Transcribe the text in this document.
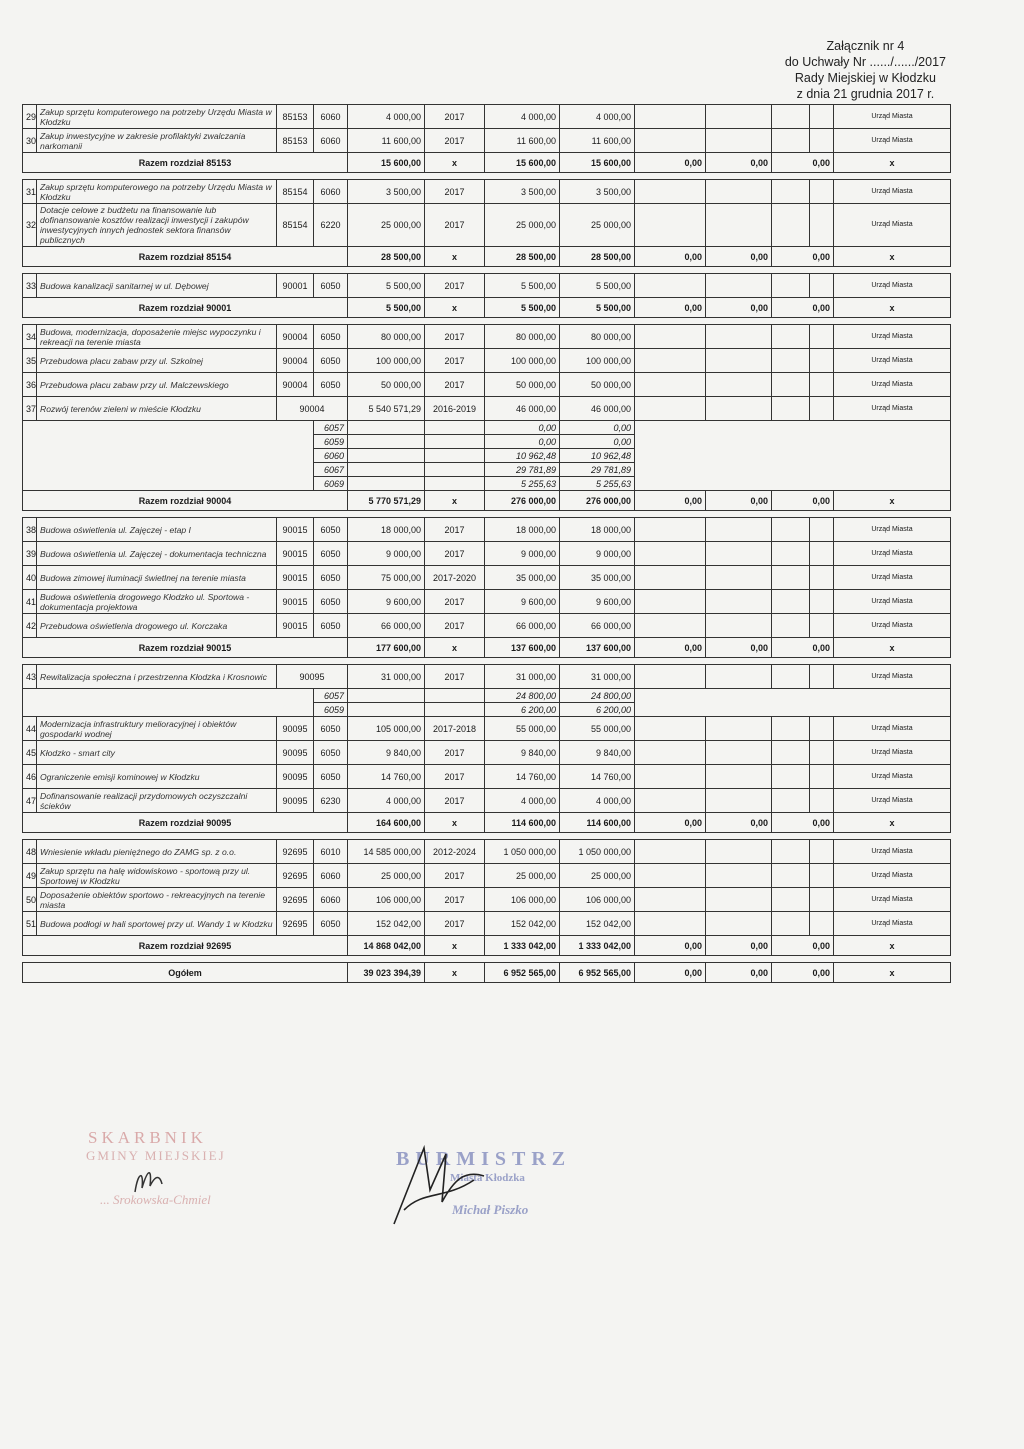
Załącznik nr 4
do Uchwały Nr ....../....../2017
Rady Miejskiej w Kłodzku
z dnia 21 grudnia 2017 r.
29	Zakup sprzętu komputerowego na potrzeby Urzędu Miasta w Kłodzku	85153	6060	4 000,00	2017	4 000,00	4 000,00					Urząd Miasta
30	Zakup inwestycyjne w zakresie profilaktyki zwalczania narkomanii	85153	6060	11 600,00	2017	11 600,00	11 600,00					Urząd Miasta
Razem rozdział 85153				15 600,00	x	15 600,00	15 600,00	0,00	0,00	0,00		x

31	Zakup sprzętu komputerowego na potrzeby Urzędu Miasta w Kłodzku	85154	6060	3 500,00	2017	3 500,00	3 500,00					Urząd Miasta
32	Dotacje celowe z budżetu na finansowanie lub dofinansowanie kosztów realizacji inwestycji i zakupów inwestycyjnych innych jednostek sektora finansów publicznych	85154	6220	25 000,00	2017	25 000,00	25 000,00					Urząd Miasta
Razem rozdział 85154				28 500,00	x	28 500,00	28 500,00	0,00	0,00	0,00		x

33	Budowa kanalizacji sanitarnej w ul. Dębowej	90001	6050	5 500,00	2017	5 500,00	5 500,00					Urząd Miasta
Razem rozdział 90001				5 500,00	x	5 500,00	5 500,00	0,00	0,00	0,00		x

34	Budowa, modernizacja, doposażenie miejsc wypoczynku i rekreacji na terenie miasta	90004	6050	80 000,00	2017	80 000,00	80 000,00					Urząd Miasta
35	Przebudowa placu zabaw przy ul. Szkolnej	90004	6050	100 000,00	2017	100 000,00	100 000,00					Urząd Miasta
36	Przebudowa placu zabaw przy ul. Malczewskiego	90004	6050	50 000,00	2017	50 000,00	50 000,00					Urząd Miasta
37	Rozwój terenów zieleni w mieście Kłodzku	90004		5 540 571,29	2016-2019	46 000,00	46 000,00					Urząd Miasta
			6057			0,00	0,00					
			6059			0,00	0,00					
			6060			10 962,48	10 962,48					
			6067			29 781,89	29 781,89					
			6069			5 255,63	5 255,63					
Razem rozdział 90004				5 770 571,29	x	276 000,00	276 000,00	0,00	0,00	0,00		x

38	Budowa oświetlenia ul. Zajęczej - etap I	90015	6050	18 000,00	2017	18 000,00	18 000,00					Urząd Miasta
39	Budowa oświetlenia ul. Zajęczej - dokumentacja techniczna	90015	6050	9 000,00	2017	9 000,00	9 000,00					Urząd Miasta
40	Budowa zimowej iluminacji świetlnej na terenie miasta	90015	6050	75 000,00	2017-2020	35 000,00	35 000,00					Urząd Miasta
41	Budowa oświetlenia drogowego Kłodzko ul. Sportowa - dokumentacja projektowa	90015	6050	9 600,00	2017	9 600,00	9 600,00					Urząd Miasta
42	Przebudowa oświetlenia drogowego ul. Korczaka	90015	6050	66 000,00	2017	66 000,00	66 000,00					Urząd Miasta
Razem rozdział 90015				177 600,00	x	137 600,00	137 600,00	0,00	0,00	0,00		x

43	Rewitalizacja społeczna i przestrzenna Kłodzka i Krosnowic	90095		31 000,00	2017	31 000,00	31 000,00					Urząd Miasta
			6057			24 800,00	24 800,00					
			6059			6 200,00	6 200,00					
44	Modernizacja infrastruktury melioracyjnej i obiektów gospodarki wodnej	90095	6050	105 000,00	2017-2018	55 000,00	55 000,00					Urząd Miasta
45	Kłodzko - smart city	90095	6050	9 840,00	2017	9 840,00	9 840,00					Urząd Miasta
46	Ograniczenie emisji kominowej w Kłodzku	90095	6050	14 760,00	2017	14 760,00	14 760,00					Urząd Miasta
47	Dofinansowanie realizacji przydomowych oczyszczalni ścieków	90095	6230	4 000,00	2017	4 000,00	4 000,00					Urząd Miasta
Razem rozdział 90095				164 600,00	x	114 600,00	114 600,00	0,00	0,00	0,00		x

48	Wniesienie wkładu pieniężnego do ZAMG sp. z o.o.	92695	6010	14 585 000,00	2012-2024	1 050 000,00	1 050 000,00					Urząd Miasta
49	Zakup sprzętu na halę widowiskowo - sportową przy ul. Sportowej w Kłodzku	92695	6060	25 000,00	2017	25 000,00	25 000,00					Urząd Miasta
50	Doposażenie obiektów sportowo - rekreacyjnych na terenie miasta	92695	6060	106 000,00	2017	106 000,00	106 000,00					Urząd Miasta
51	Budowa podłogi w hali sportowej przy ul. Wandy 1 w Kłodzku	92695	6050	152 042,00	2017	152 042,00	152 042,00					Urząd Miasta
Razem rozdział 92695				14 868 042,00	x	1 333 042,00	1 333 042,00	0,00	0,00	0,00		x

Ogółem				39 023 394,39	x	6 952 565,00	6 952 565,00	0,00	0,00	0,00		x
SKARBNIK
GMINY MIEJSKIEJ
... Srokowska-Chmiel
BURMISTRZ
Miasta Kłodzka
Michał Piszko
